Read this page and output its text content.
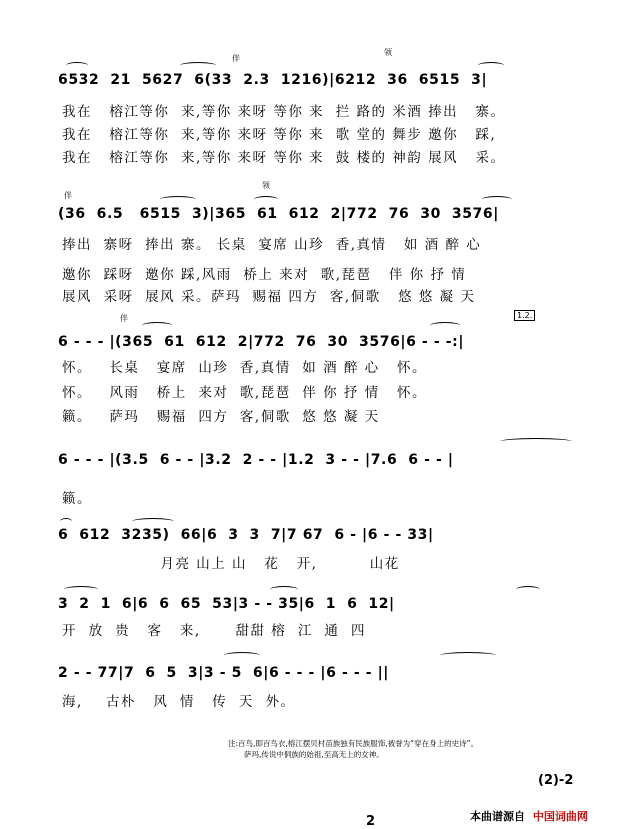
伴
领
6532  21  5627  6(33  2.3  1216)|6212  36  6515  3|
我在   榕江等你  来,等你 来呀 等你 来  拦 路的 米酒 捧出   寨。
我在   榕江等你  来,等你 来呀 等你 来  歌 堂的 舞步 邀你   踩,
我在   榕江等你  来,等你 来呀 等你 来  鼓 楼的 神韵 展风   采。
伴
领
(36  6.5   6515  3)|365  61  612  2|772  76  30  3576|
捧出  寨呀  捧出 寨。 长桌  宴席 山珍  香,真情   如 酒 醉 心
邀你  踩呀  邀你 踩,风雨  桥上 来对  歌,琵琶   伴 你 抒 情
展风  采呀  展风 采。萨玛  赐福 四方  客,侗歌   悠 悠 凝 天
伴	1.2.
6 - - - |(365  61  612  2|772  76  30  3576|6 - - -:|
怀。   长桌   宴席  山珍  香,真情  如 酒 醉 心   怀。
怀。   风雨   桥上  来对  歌,琵琶  伴 你 抒 情   怀。
籁。   萨玛   赐福  四方  客,侗歌  悠 悠 凝 天
6 - - - |(3.5  6 - - |3.2  2 - - |1.2  3 - - |7.6  6 - - |
籁。
6  612  3235)  66|6  3  3  7|7 67  6 - |6 - - 33|
月亮 山上 山   花   开,         山花
3  2  1  6|6  6  65  53|3 - - 35|6  1  6  12|
开  放  贵   客   来,      甜甜 榕  江  通  四
2 - - 77|7  6  5  3|3 - 5  6|6 - - - |6 - - - ||
海,    古朴   风  情   传  天  外。
注:百鸟,即百鸟衣,榕江摆贝村苗族独有民族服饰,被誉为“穿在身上的史诗”。
萨玛,传说中侗族的始祖,至高无上的女神。
(2)-2
本曲谱源自 中国词曲网
2
